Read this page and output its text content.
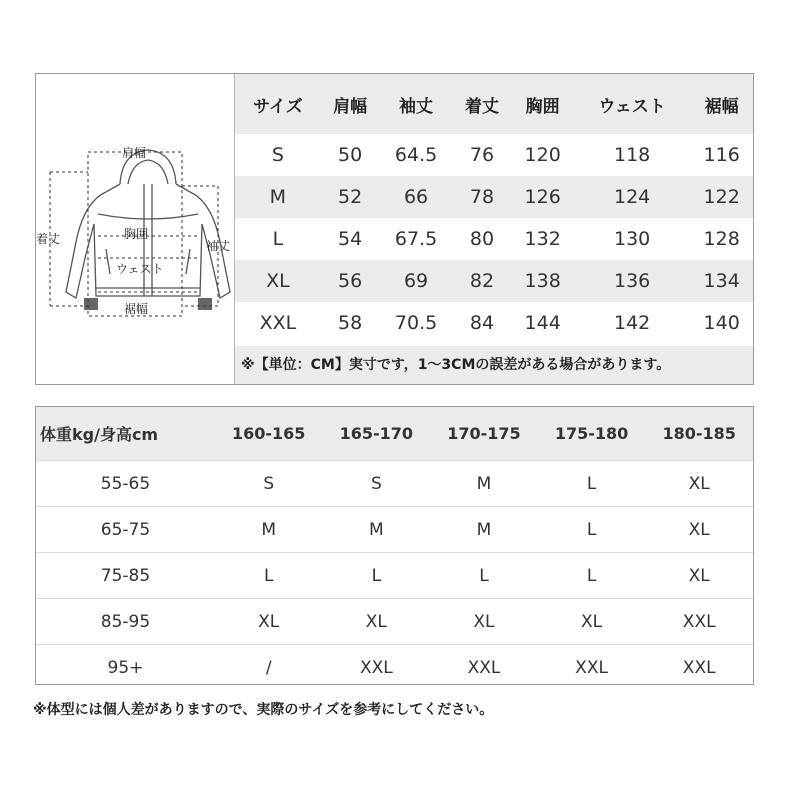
肩幅
着丈	胸囲
袖丈
ウェスト
裾幅
サイズ	肩幅	袖丈	着丈	胸囲	ウェスト	裾幅
S	50	64.5	76	120	118	116
M	52	66	78	126	124	122
L	54	67.5	80	132	130	128
XL	56	69	82	138	136	134
XXL	58	70.5	84	144	142	140
※【単位：CM】実寸です，1〜3CMの誤差がある場合があります。
体重kg/身高cm	160-165	165-170	170-175	175-180	180-185
55-65	S	S	M	L	XL
65-75	M	M	M	L	XL
75-85	L	L	L	L	XL
85-95	XL	XL	XL	XL	XXL
95+	/	XXL	XXL	XXL	XXL
※体型には個人差がありますので、実際のサイズを参考にしてください。
